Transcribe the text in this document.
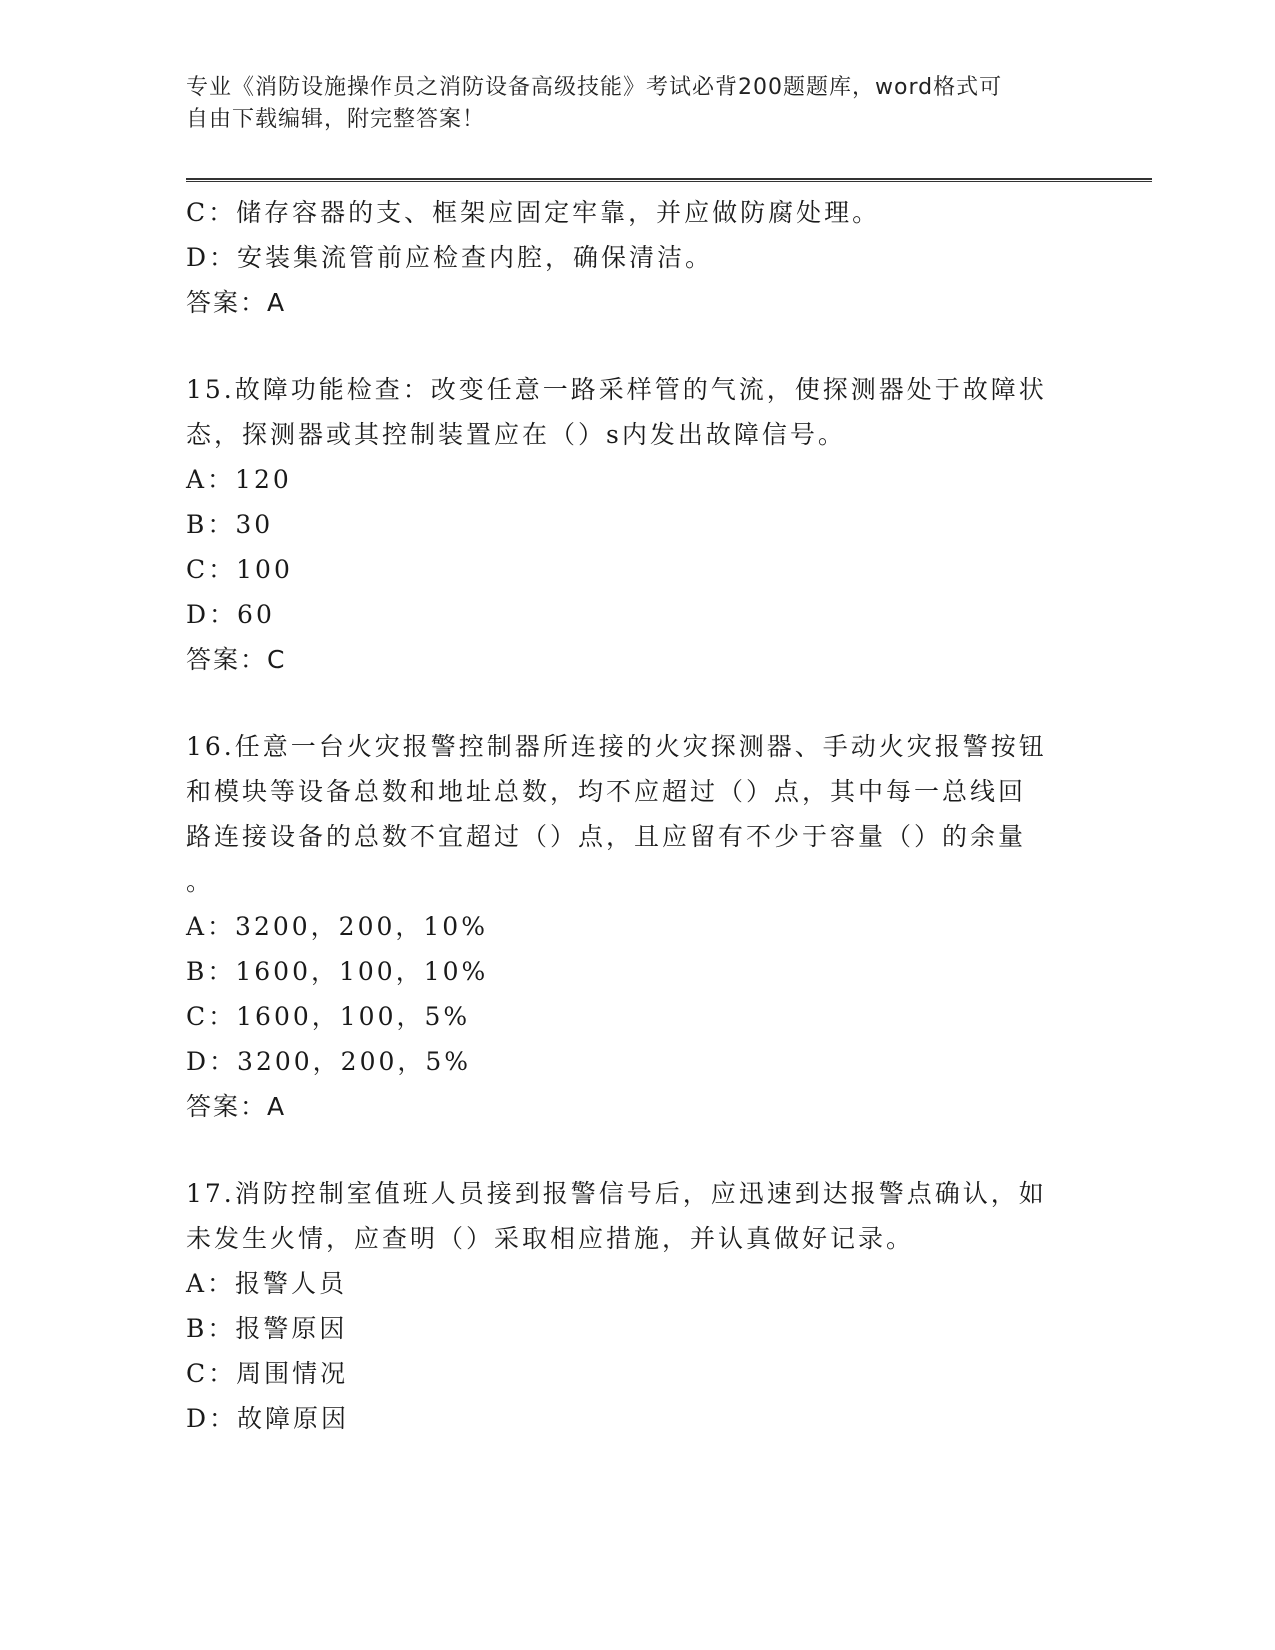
专业《消防设施操作员之消防设备高级技能》考试必背200题题库，word格式可
自由下载编辑，附完整答案！
C：储存容器的支、框架应固定牢靠，并应做防腐处理。
D：安装集流管前应检查内腔，确保清洁。
答案：A
15.故障功能检查：改变任意一路采样管的气流，使探测器处于故障状
态，探测器或其控制装置应在（）s内发出故障信号。
A：120
B：30
C：100
D：60
答案：C
16.任意一台火灾报警控制器所连接的火灾探测器、手动火灾报警按钮
和模块等设备总数和地址总数，均不应超过（）点，其中每一总线回
路连接设备的总数不宜超过（）点，且应留有不少于容量（）的余量
。
A：3200，200，10%
B：1600，100，10%
C：1600，100，5%
D：3200，200，5%
答案：A
17.消防控制室值班人员接到报警信号后，应迅速到达报警点确认，如
未发生火情，应查明（）采取相应措施，并认真做好记录。
A：报警人员
B：报警原因
C：周围情况
D：故障原因
